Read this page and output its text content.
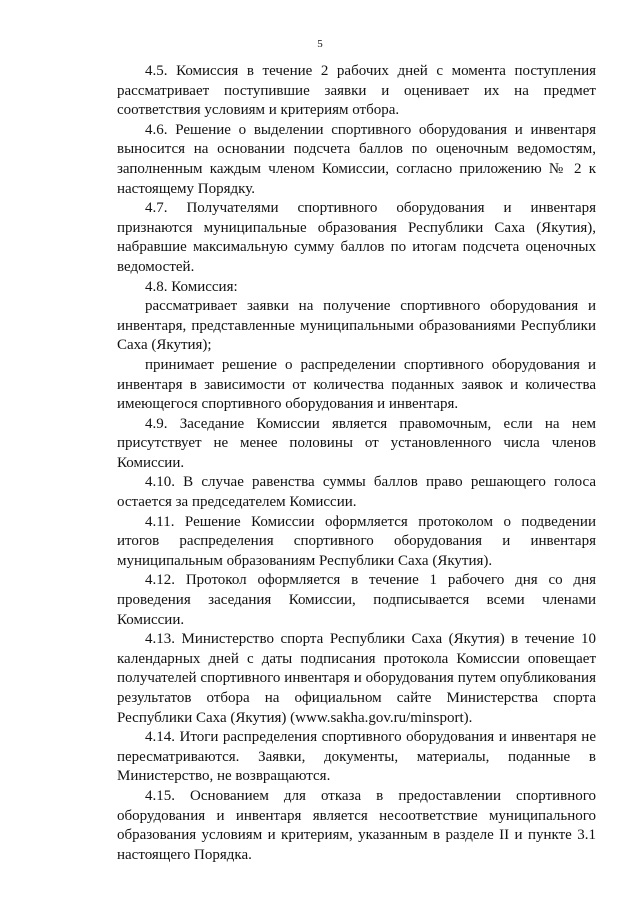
5

4.5. Комиссия в течение 2 рабочих дней с момента поступления рассматривает поступившие заявки и оценивает их на предмет соответствия условиям и критериям отбора.

4.6. Решение о выделении спортивного оборудования и инвентаря выносится на основании подсчета баллов по оценочным ведомостям, заполненным каждым членом Комиссии, согласно приложению № 2 к настоящему Порядку.

4.7. Получателями спортивного оборудования и инвентаря признаются муниципальные образования Республики Саха (Якутия), набравшие максимальную сумму баллов по итогам подсчета оценочных ведомостей.

4.8. Комиссия:

рассматривает заявки на получение спортивного оборудования и инвентаря, представленные муниципальными образованиями Республики Саха (Якутия);

принимает решение о распределении спортивного оборудования и инвентаря в зависимости от количества поданных заявок и количества имеющегося спортивного оборудования и инвентаря.

4.9. Заседание Комиссии является правомочным, если на нем присутствует не менее половины от установленного числа членов Комиссии.

4.10. В случае равенства суммы баллов право решающего голоса остается за председателем Комиссии.

4.11. Решение Комиссии оформляется протоколом о подведении итогов распределения спортивного оборудования и инвентаря муниципальным образованиям Республики Саха (Якутия).

4.12. Протокол оформляется в течение 1 рабочего дня со дня проведения заседания Комиссии, подписывается всеми членами Комиссии.

4.13. Министерство спорта Республики Саха (Якутия) в течение 10 календарных дней с даты подписания протокола Комиссии оповещает получателей спортивного инвентаря и оборудования путем опубликования результатов отбора на официальном сайте Министерства спорта Республики Саха (Якутия) (www.sakha.gov.ru/minsport).

4.14. Итоги распределения спортивного оборудования и инвентаря не пересматриваются. Заявки, документы, материалы, поданные в Министерство, не возвращаются.

4.15. Основанием для отказа в предоставлении спортивного оборудования и инвентаря является несоответствие муниципального образования условиям и критериям, указанным в разделе II и пункте 3.1 настоящего Порядка.
